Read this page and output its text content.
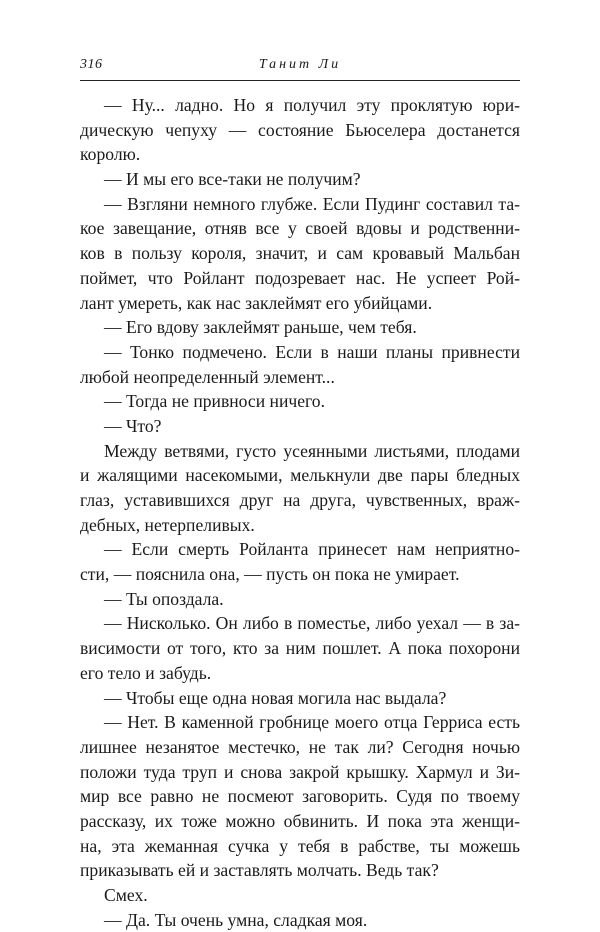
316	Танит Ли
— Ну... ладно. Но я получил эту проклятую юри-
дическую чепуху — состояние Бьюселера достанется
королю.
— И мы его все-таки не получим?
— Взгляни немного глубже. Если Пудинг составил та-
кое завещание, отняв все у своей вдовы и родственни-
ков в пользу короля, значит, и сам кровавый Мальбан
поймет, что Ройлант подозревает нас. Не успеет Рой-
лант умереть, как нас заклеймят его убийцами.
— Его вдову заклеймят раньше, чем тебя.
— Тонко подмечено. Если в наши планы привнести
любой неопределенный элемент...
— Тогда не привноси ничего.
— Что?
Между ветвями, густо усеянными листьями, плодами
и жалящими насекомыми, мелькнули две пары бледных
глаз, уставившихся друг на друга, чувственных, враж-
дебных, нетерпеливых.
— Если смерть Ройланта принесет нам неприятно-
сти, — пояснила она, — пусть он пока не умирает.
— Ты опоздала.
— Нисколько. Он либо в поместье, либо уехал — в за-
висимости от того, кто за ним пошлет. А пока похорони
его тело и забудь.
— Чтобы еще одна новая могила нас выдала?
— Нет. В каменной гробнице моего отца Герриса есть
лишнее незанятое местечко, не так ли? Сегодня ночью
положи туда труп и снова закрой крышку. Хармул и Зи-
мир все равно не посмеют заговорить. Судя по твоему
рассказу, их тоже можно обвинить. И пока эта женщи-
на, эта жеманная сучка у тебя в рабстве, ты можешь
приказывать ей и заставлять молчать. Ведь так?
Смех.
— Да. Ты очень умна, сладкая моя.
